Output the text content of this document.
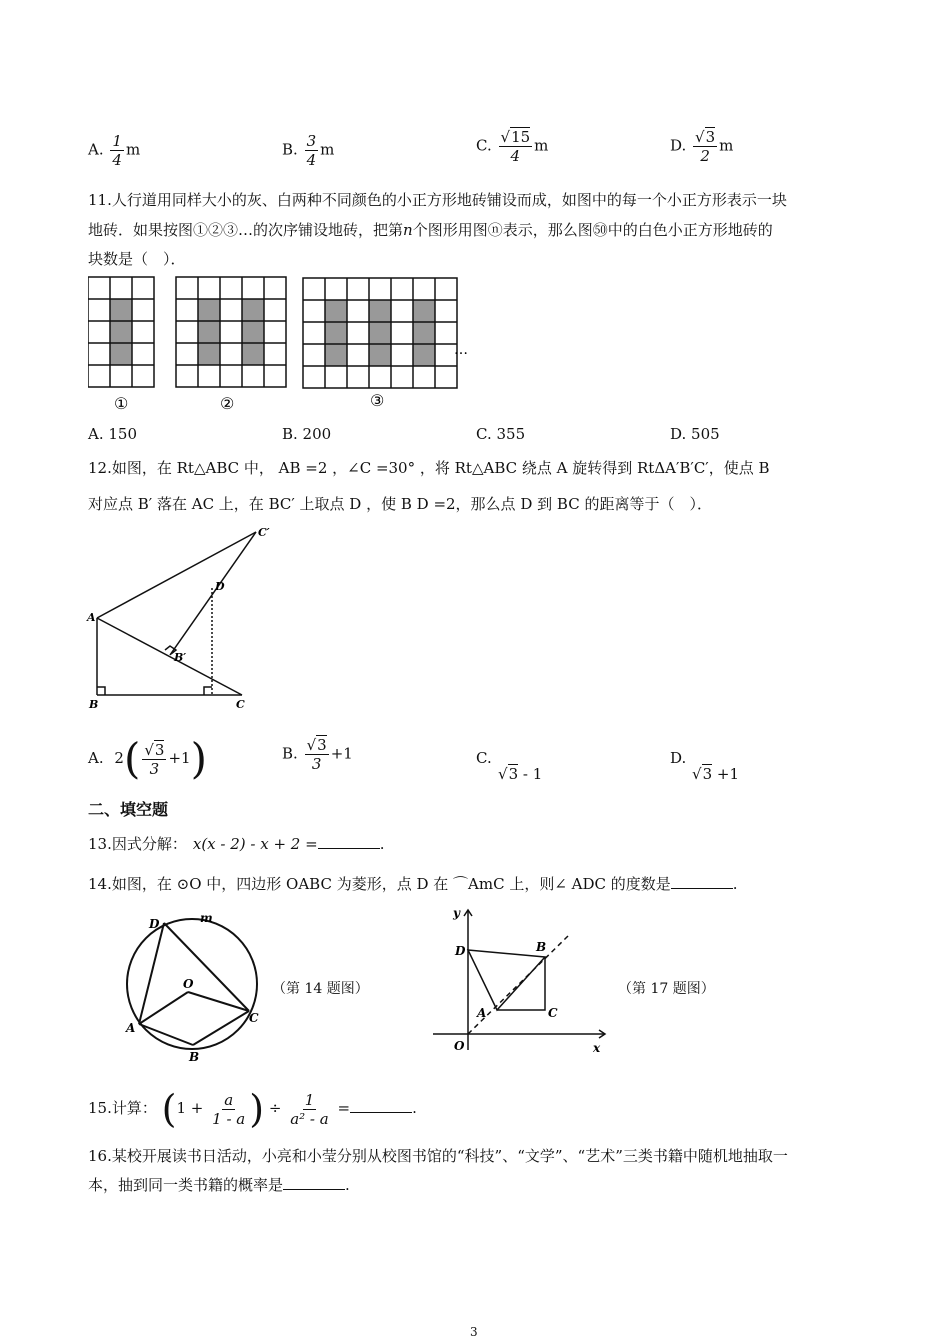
A. $\frac{1}{4}$ m	B. $\frac{3}{4}$ m	C. $\frac{√15}{4}$ m	D. $\frac{√3}{2}$ m
11.人行道用同样大小的灰、白两种不同颜色的小正方形地砖铺设而成，如图中的每一个小正方形表示一块
地砖．如果按图①②③…的次序铺设地砖，把第n个图形用图ⓝ表示，那么图㊿中的白色小正方形地砖的
块数是（　）．
①	②	③
…
A. 150	B. 200	C. 355	D. 505
12.如图，在 Rt△ABC 中， AB =2 ，∠C =30° ，将 Rt△ABC 绕点 A 旋转得到 RtΔA′B′C′，使点 B
对应点 B′ 落在 AC 上，在 BC′ 上取点 D ，使 B D =2，那么点 D 到 BC 的距离等于（　）．
C′
D
A
B′
B	C
A. $2( \frac{√3}{3} +1)$	B. $\frac{√3}{3} +1$	C.
√3 - 1
D.
√3 +1
二、填空题
13.因式分解： x(x - 2) - x + 2 =	.
14.如图，在 ⊙O 中，四边形 OABC 为菱形，点 D 在 ⌒AmC 上，则∠ ADC 的度数是	.
D	m
O
A
C
B
（第 14 题图）
y
x
O
D	B
A	C
（第 17 题图）
15.计算： ($1 + \frac{a}{1 - a}$ ) ÷ $\frac{1}{\text{a² - a}}$ =	.
16.某校开展读书日活动，小亮和小莹分别从校图书馆的“科技”、“文学”、“艺术”三类书籍中随机地抽取一
本，抽到同一类书籍的概率是	.
3
